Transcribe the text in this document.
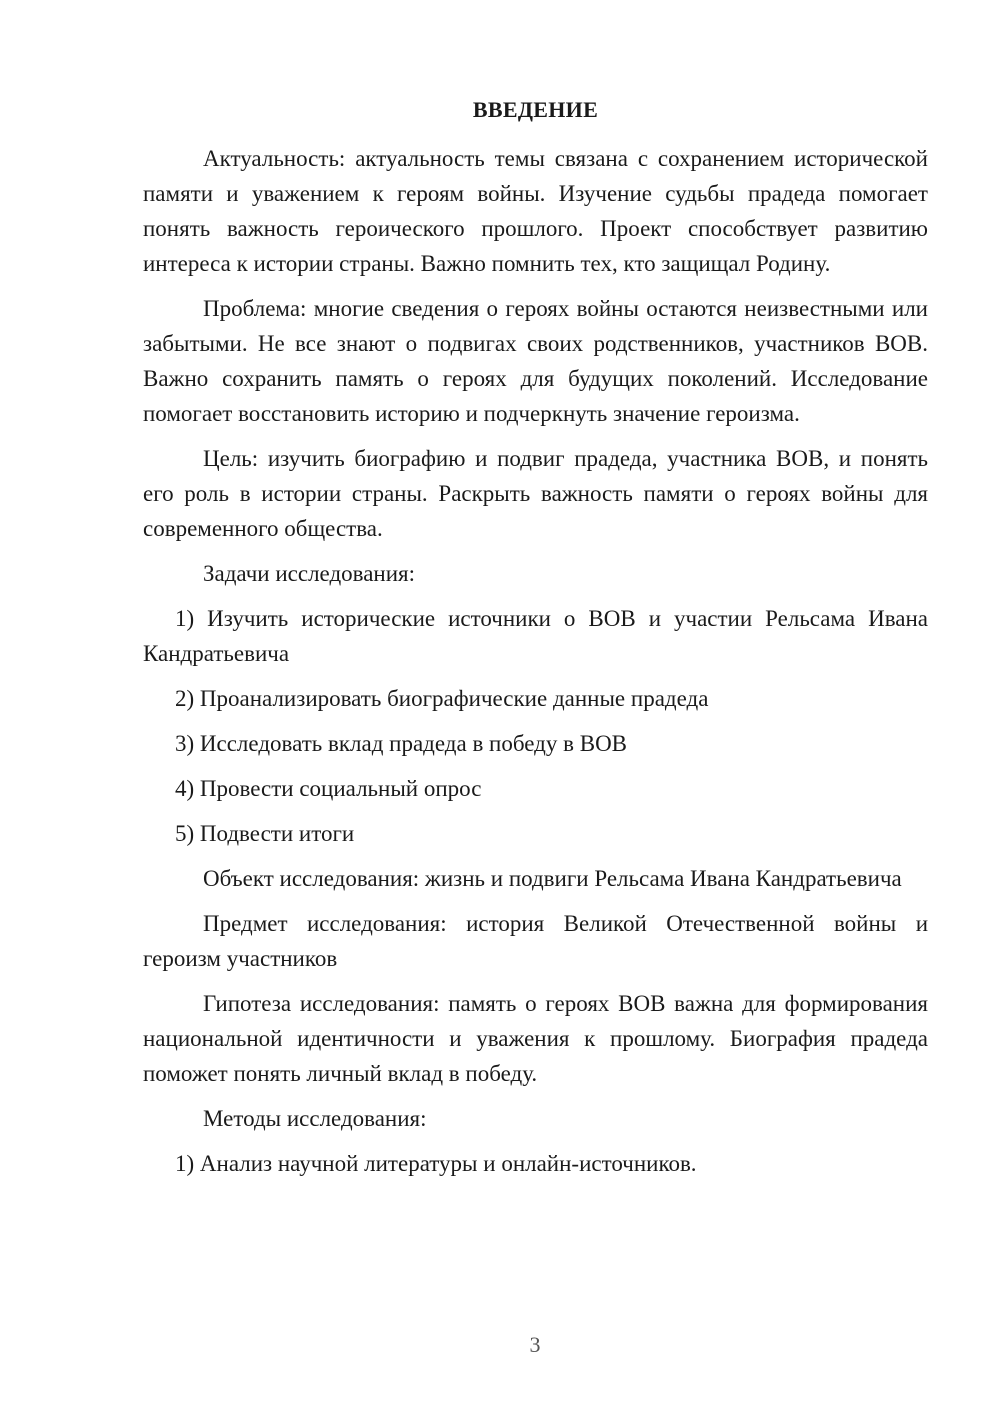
ВВЕДЕНИЕ

Актуальность: актуальность темы связана с сохранением исторической памяти и уважением к героям войны. Изучение судьбы прадеда помогает понять важность героического прошлого. Проект способствует развитию интереса к истории страны. Важно помнить тех, кто защищал Родину.

Проблема: многие сведения о героях войны остаются неизвестными или забытыми. Не все знают о подвигах своих родственников, участников ВОВ. Важно сохранить память о героях для будущих поколений. Исследование помогает восстановить историю и подчеркнуть значение героизма.

Цель: изучить биографию и подвиг прадеда, участника ВОВ, и понять его роль в истории страны. Раскрыть важность памяти о героях войны для современного общества.

Задачи исследования:

1) Изучить исторические источники о ВОВ и участии Рельсама Ивана Кандратьевича

2) Проанализировать биографические данные прадеда

3) Исследовать вклад прадеда в победу в ВОВ

4) Провести социальный опрос

5) Подвести итоги

Объект исследования: жизнь и подвиги Рельсама Ивана Кандратьевича

Предмет исследования: история Великой Отечественной войны и героизм участников

Гипотеза исследования: память о героях ВОВ важна для формирования национальной идентичности и уважения к прошлому. Биография прадеда поможет понять личный вклад в победу.

Методы исследования:

1) Анализ научной литературы и онлайн-источников.

3
